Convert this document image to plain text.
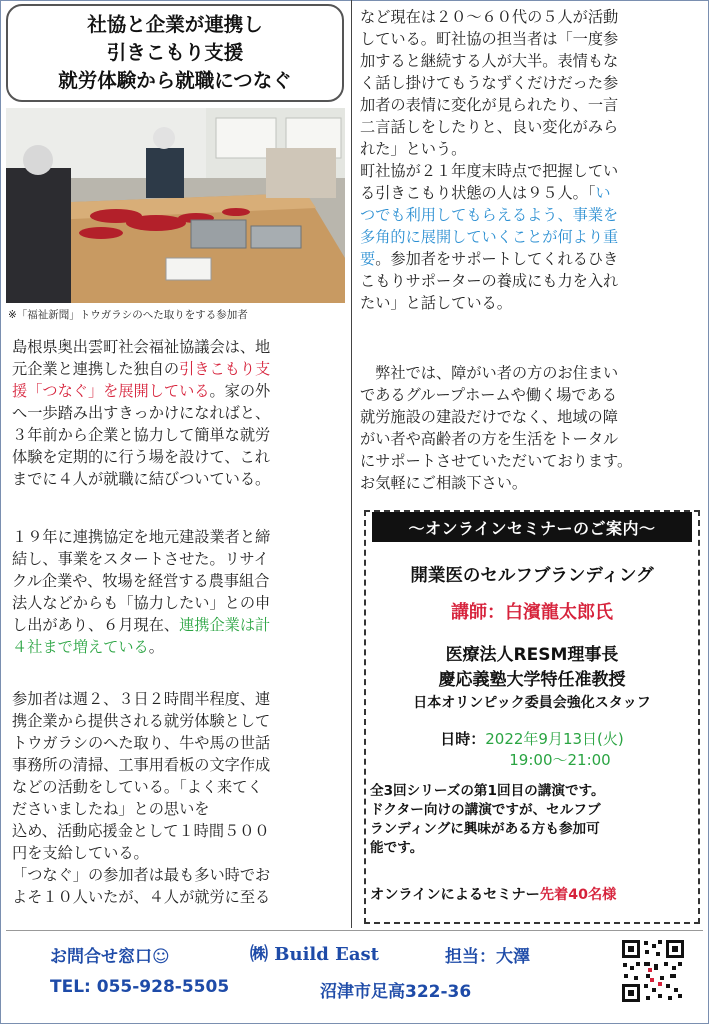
社協と企業が連携し
引きこもり支援
就労体験から就職につなぐ
※「福祉新聞」トウガラシのへた取りをする参加者
島根県奥出雲町社会福祉協議会は、地
元企業と連携した独自の引きこもり支
援「つなぐ」を展開している。家の外
へ一歩踏み出すきっかけになればと、
３年前から企業と協力して簡単な就労
体験を定期的に行う場を設けて、これ
までに４人が就職に結びついている。
１９年に連携協定を地元建設業者と締
結し、事業をスタートさせた。リサイ
クル企業や、牧場を経営する農事組合
法人などからも「協力したい」との申
し出があり、６月現在、連携企業は計
４社まで増えている。
参加者は週２、３日２時間半程度、連
携企業から提供される就労体験として
トウガラシのへた取り、牛や馬の世話
事務所の清掃、工事用看板の文字作成
などの活動をしている。「よく来てく
ださいましたね」との思いを
込め、活動応援金として１時間５００
円を支給している。
「つなぐ」の参加者は最も多い時でお
よそ１０人いたが、４人が就労に至る
など現在は２０～６０代の５人が活動
している。町社協の担当者は「一度参
加すると継続する人が大半。表情もな
く話し掛けてもうなずくだけだった参
加者の表情に変化が見られたり、一言
二言話しをしたりと、良い変化がみら
れた」という。
町社協が２１年度末時点で把握してい
る引きこもり状態の人は９５人。「い
つでも利用してもらえるよう、事業を
多角的に展開していくことが何より重
要。参加者をサポートしてくれるひき
こもりサポーターの養成にも力を入れ
たい」と話している。
　弊社では、障がい者の方のお住まい
であるグループホームや働く場である
就労施設の建設だけでなく、地域の障
がい者や高齢者の方を生活をトータル
にサポートさせていただいております。
お気軽にご相談下さい。
～オンラインセミナーのご案内～
開業医のセルフブランディング
講師：白濱龍太郎氏
医療法人RESM理事長
慶応義塾大学特任准教授
日本オリンピック委員会強化スタッフ
日時：2022年9月13日(火)
19:00～21:00
全3回シリーズの第1回目の講演です。
ドクター向けの講演ですが、セルフブ
ランディングに興味がある方も参加可
能です。
オンラインによるセミナー先着40名様
お問合せ窓口☺	㈱ Build East	担当：大澤
TEL: 055-928-5505	沼津市足高322-36
